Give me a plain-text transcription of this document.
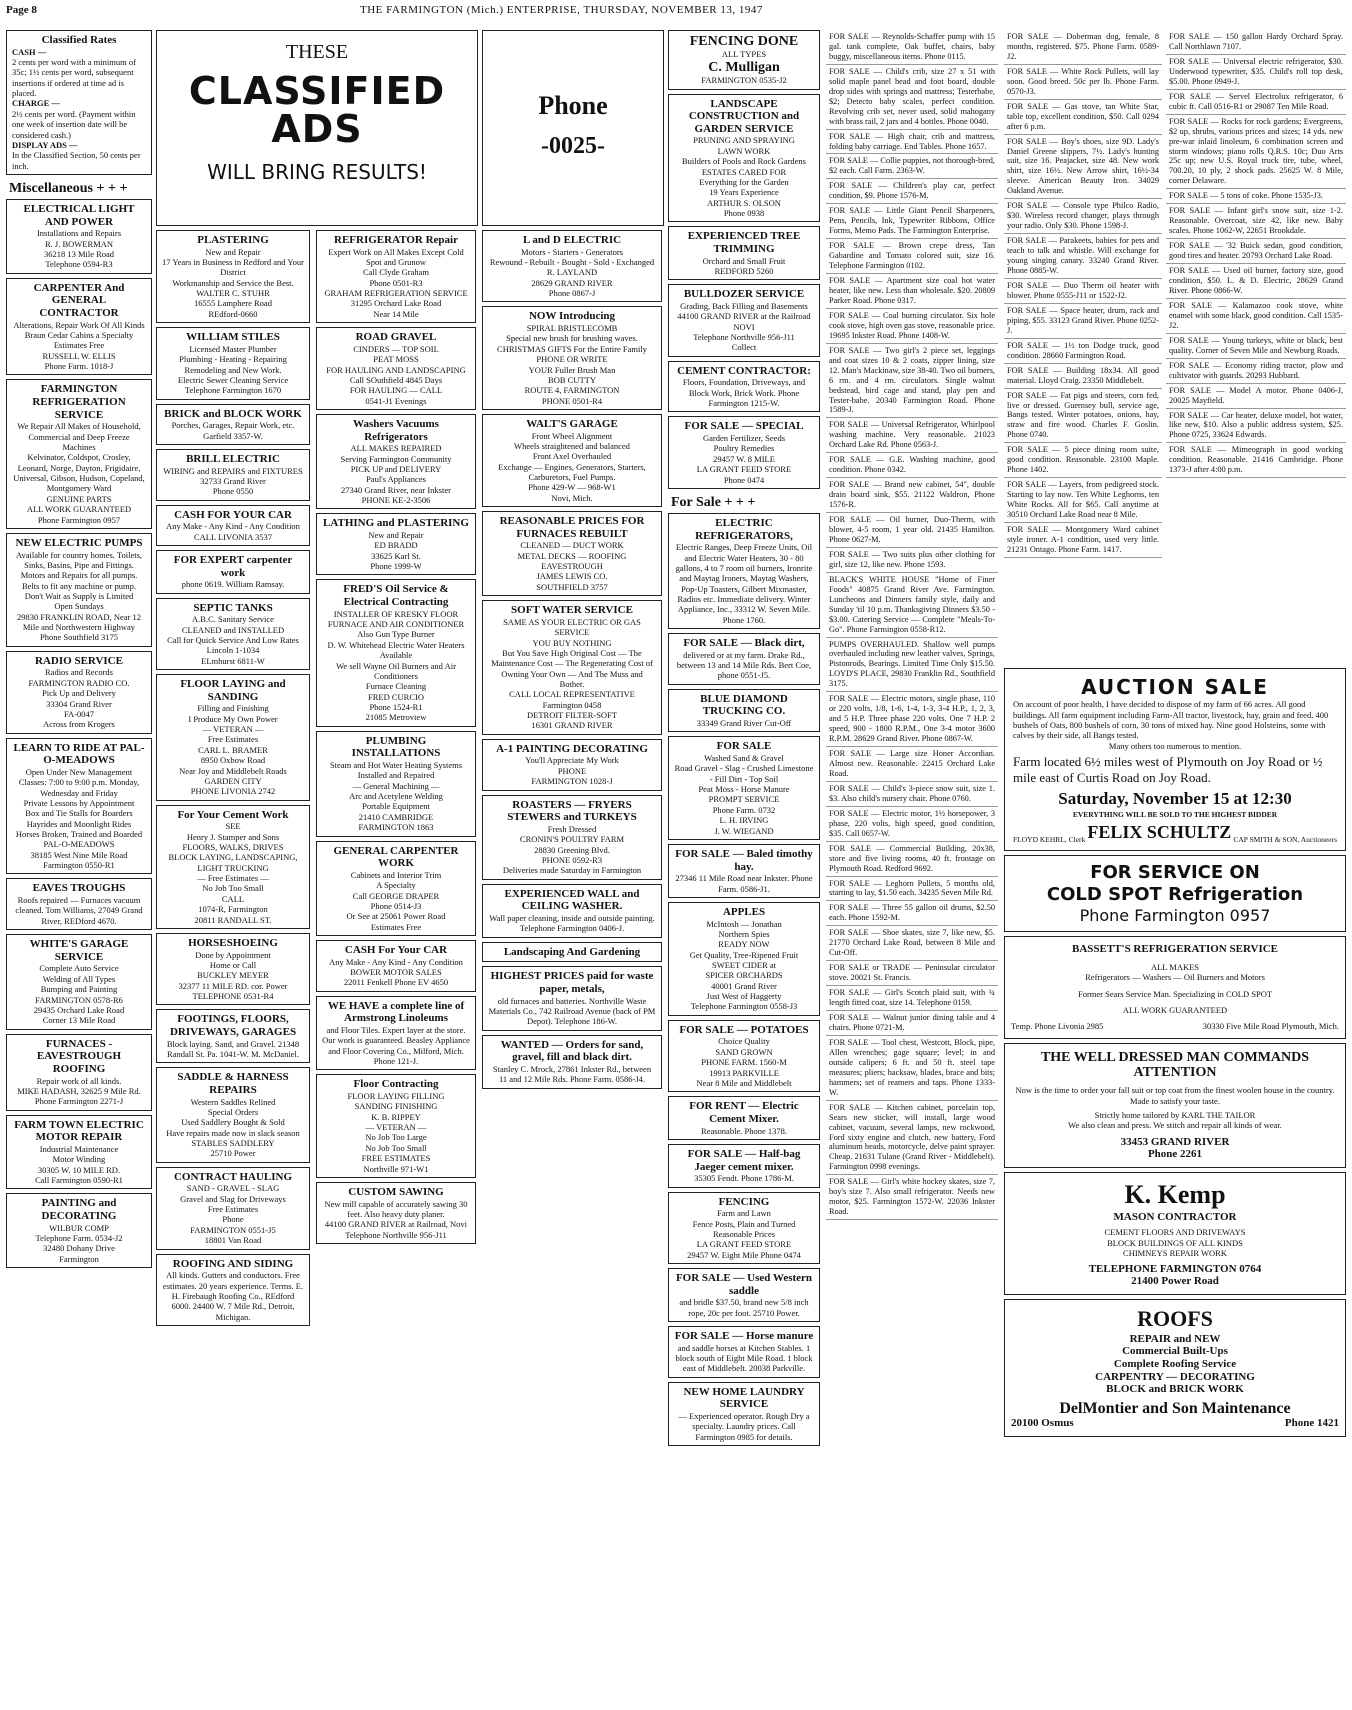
Page 8	THE FARMINGTON (Mich.) ENTERPRISE, THURSDAY, NOVEMBER 13, 1947
Classified Rates
CASH —
2 cents per word with a minimum of 35c; 1½ cents per word, subsequent insertions if ordered at time ad is placed.
CHARGE —
2½ cents per word. (Payment within one week of insertion date will be considered cash.)
DISPLAY ADS —
In the Classified Section, 50 cents per inch.
Miscellaneous + + +
ELECTRICAL LIGHT AND POWER
Installations and Repairs
R. J. BOWERMAN
36218 13 Mile Road
Telephone 0594-R3
CARPENTER And GENERAL CONTRACTOR
Alterations, Repair Work Of All Kinds
Braun Cedar Cabins a Specialty
Estimates Free
RUSSELL W. ELLIS
Phone Farm. 1018-J
FARMINGTON REFRIGERATION SERVICE
We Repair All Makes of Household, Commercial and Deep Freeze Machines
Kelvinator, Coldspot, Crosley, Leonard, Norge, Dayton, Frigidaire, Universal, Gibson, Hudson, Copeland, Montgomery Ward
GENUINE PARTS
ALL WORK GUARANTEED
Phone Farmington 0957
NEW ELECTRIC PUMPS
Available for country homes. Toilets, Sinks, Basins, Pipe and Fittings. Motors and Repairs for all pumps. Belts to fit any machine or pump.
Don't Wait as Supply is Limited
Open Sundays
29830 FRANKLIN ROAD, Near 12 Mile and Northwestern Highway
Phone Southfield 3175
RADIO SERVICE
Radios and Records
FARMINGTON RADIO CO.
Pick Up and Delivery
33304 Grand River
FA-0047
Across from Krogers
LEARN TO RIDE AT PAL-O-MEADOWS
Open Under New Management
Classes: 7:00 to 9:00 p.m. Monday, Wednesday and Friday
Private Lessons by Appointment
Box and Tie Stalls for Boarders
Hayrides and Moonlight Rides
Horses Broken, Trained and Boarded
PAL-O-MEADOWS
38185 West Nine Mile Road
Farmington 0550-R1
EAVES TROUGHS
Roofs repaired — Furnaces vacuum cleaned. Tom Williams, 27049 Grand River, REDford 4670.
WHITE'S GARAGE SERVICE
Complete Auto Service
Welding of All Types
Bumping and Painting
FARMINGTON 0578-R6
29435 Orchard Lake Road
Corner 13 Mile Road
FURNACES - EAVESTROUGH ROOFING
Repair work of all kinds.
MIKE HADASH, 32625 9 Mile Rd.
Phone Farmington 2271-J
FARM TOWN ELECTRIC MOTOR REPAIR
Industrial Maintenance
Motor Winding
30305 W. 10 MILE RD.
Call Farmington 0590-R1
PAINTING and DECORATING
WILBUR COMP
Telephone Farm. 0534-J2
32480 Dohany Drive
Farmington
THESE
CLASSIFIED
ADS
WILL BRING RESULTS!
Phone
-0025-
PLASTERING
New and Repair
17 Years in Business in Redford and Your District
Workmanship and Service the Best.
WALTER C. STUHR
16555 Lamphere Road
REdford-0660
WILLIAM STILES
Licensed Master Plumber
Plumbing - Heating - Repairing
Remodeling and New Work.
Electric Sewer Cleaning Service
Telephone Farmington 1670
BRICK and BLOCK WORK
Porches, Garages, Repair Work, etc. Garfield 3357-W.
BRILL ELECTRIC
WIRING and REPAIRS and FIXTURES
32733 Grand River
Phone 0550
CASH FOR YOUR CAR
Any Make - Any Kind - Any Condition
CALL LIVONIA 3537
FOR EXPERT carpenter work
phone 0619. William Ramsay.
SEPTIC TANKS
A.B.C. Sanitary Service
CLEANED and INSTALLED
Call for Quick Service And Low Rates
Lincoln 1-1034
ELmhurst 6811-W
FLOOR LAYING and SANDING
Filling and Finishing
I Produce My Own Power
— VETERAN —
Free Estimates
CARL L. BRAMER
8950 Oxbow Road
Near Joy and Middlebelt Roads
GARDEN CITY
PHONE LIVONIA 2742
For Your Cement Work
SEE
Henry J. Stamper and Sons
FLOORS, WALKS, DRIVES
BLOCK LAYING, LANDSCAPING, LIGHT TRUCKING
— Free Estimates —
No Job Too Small
CALL
1074-R, Farmington
20811 RANDALL ST.
HORSESHOEING
Done by Appointment
Home or Call
BUCKLEY MEYER
32377 11 MILE RD. cor. Power
TELEPHONE 0531-R4
FOOTINGS, FLOORS, DRIVEWAYS, GARAGES
Block laying. Sand, and Gravel. 21348 Randall St. Pa. 1041-W. M. McDaniel.
SADDLE & HARNESS REPAIRS
Western Saddles Relined
Special Orders
Used Saddlery Bought & Sold
Have repairs made now in slack season
STABLES SADDLERY
25710 Power
CONTRACT HAULING
SAND - GRAVEL - SLAG
Gravel and Slag for Driveways
Free Estimates
Phone
FARMINGTON 0551-J5
18801 Van Road
ROOFING AND SIDING
All kinds. Gutters and conductors. Free estimates. 20 years experience. Terms. E. H. Firebaugh Roofing Co., REdford 6000. 24400 W. 7 Mile Rd., Detroit, Michigan.
REFRIGERATOR Repair
Expert Work on All Makes Except Cold Spot and Grunow
Call Clyde Graham
Phone 0501-R3
GRAHAM REFRIGERATION SERVICE
31295 Orchard Lake Road
Near 14 Mile
ROAD GRAVEL
CINDERS — TOP SOIL
PEAT MOSS
FOR HAULING AND LANDSCAPING
Call SOuthfield 4845 Days
FOR HAULING — CALL
0541-J1 Evenings
Washers Vacuums Refrigerators
ALL MAKES REPAIRED
Serving Farmington Community
PICK UP and DELIVERY
Paul's Appliances
27340 Grand River, near Inkster
PHONE KE-2-3506
LATHING and PLASTERING
New and Repair
ED BRADD
33625 Karl St.
Phone 1999-W
FRED'S Oil Service & Electrical Contracting
INSTALLER OF KRESKY FLOOR FURNACE AND AIR CONDITIONER
Also Gun Type Burner
D. W. Whitehead Electric Water Heaters Available
We sell Wayne Oil Burners and Air Conditioners
Furnace Cleaning
FRED CURCIO
Phone 1524-R1
21085 Metroview
PLUMBING INSTALLATIONS
Steam and Hot Water Heating Systems Installed and Repaired
— General Machining —
Arc and Acetylene Welding
Portable Equipment
21410 CAMBRIDGE
FARMINGTON 1863
GENERAL CARPENTER WORK
Cabinets and Interior Trim
A Specialty
Call GEORGE DRAPER
Phone 0514-J3
Or See at 25061 Power Road
Estimates Free
CASH For Your CAR
Any Make - Any Kind - Any Condition
BOWER MOTOR SALES
22011 Fenkell Phone EV 4650
WE HAVE a complete line of Armstrong Linoleums
and Floor Tiles. Expert layer at the store. Our work is guaranteed. Beasley Appliance and Floor Covering Co., Milford, Mich. Phone 121-J.
Floor Contracting
FLOOR LAYING FILLING
SANDING FINISHING
K. B. RIPPEY
— VETERAN —
No Job Too Large
No Job Too Small
FREE ESTIMATES
Northville 971-W1
CUSTOM SAWING
New mill capable of accurately sawing 30 feet. Also heavy duty planer.
44100 GRAND RIVER at Railroad, Novi
Telephone Northville 956-J11
L and D ELECTRIC
Motors - Starters - Generators
Rewound - Rebuilt - Bought - Sold - Exchanged
R. LAYLAND
28629 GRAND RIVER
Phone 0867-J
NOW Introducing
SPIRAL BRISTLECOMB
Special new brush for brushing waves.
CHRISTMAS GIFTS For the Entire Family
PHONE OR WRITE
YOUR Fuller Brush Man
BOB CUTTY
ROUTE 4, FARMINGTON
PHONE 0501-R4
WALT'S GARAGE
Front Wheel Alignment
Wheels straightened and balanced
Front Axel Overhauled
Exchange — Engines, Generators, Starters, Carburetors, Fuel Pumps.
Phone 429-W — 968-W1
Novi, Mich.
REASONABLE PRICES FOR FURNACES REBUILT
CLEANED — DUCT WORK
METAL DECKS — ROOFING
EAVESTROUGH
JAMES LEWIS CO.
SOUTHFIELD 3757
SOFT WATER SERVICE
SAME AS YOUR ELECTRIC OR GAS SERVICE
YOU BUY NOTHING
But You Save High Original Cost — The Maintenance Cost — The Regenerating Cost of Owning Your Own — And The Muss and Bother.
CALL LOCAL REPRESENTATIVE
Farmington 0458
DETROIT FILTER-SOFT
16301 GRAND RIVER
A-1 PAINTING DECORATING
You'll Appreciate My Work
PHONE
FARMINGTON 1028-J
ROASTERS — FRYERS STEWERS and TURKEYS
Fresh Dressed
CRONIN'S POULTRY FARM
28830 Greening Blvd.
PHONE 0592-R3
Deliveries made Saturday in Farmington
EXPERIENCED WALL and CEILING WASHER.
Wall paper cleaning, inside and outside painting. Telephone Farmington 0406-J.
Landscaping And Gardening
HIGHEST PRICES paid for waste paper, metals,
old furnaces and batteries. Northville Waste Materials Co., 742 Railroad Avenue (back of PM Depot). Telephone 186-W.
WANTED — Orders for sand, gravel, fill and black dirt.
Stanley C. Mrock, 27861 Inkster Rd., between 11 and 12 Mile Rds. Phone Farm. 0586-J4.
FENCING DONE
ALL TYPES
C. Mulligan
FARMINGTON 0535-J2
LANDSCAPE CONSTRUCTION and GARDEN SERVICE
PRUNING AND SPRAYING
LAWN WORK
Builders of Pools and Rock Gardens
ESTATES CARED FOR
Everything for the Garden
19 Years Experience
ARTHUR S. OLSON
Phone 0938
EXPERIENCED TREE TRIMMING
Orchard and Small Fruit
REDFORD 5260
BULLDOZER SERVICE
Grading, Back Filling and Basements
44100 GRAND RIVER at the Railroad
NOVI
Telephone Northville 956-J11
Collect
CEMENT CONTRACTOR:
Floors, Foundation, Driveways, and Block Work, Brick Work. Phone Farmington 1215-W.
FOR SALE — SPECIAL
Garden Fertilizer, Seeds
Poultry Remedies
29457 W. 8 MILE
LA GRANT FEED STORE
Phone 0474
For Sale + + +
ELECTRIC REFRIGERATORS,
Electric Ranges, Deep Freeze Units, Oil and Electric Water Heaters, 30 - 80 gallons, 4 to 7 room oil burners, Ironrite and Maytag Ironers, Maytag Washers, Pop-Up Toasters, Gilbert Mixmaster, Radios etc. Immediate delivery. Winter Appliance, Inc., 33312 W. Seven Mile. Phone 1760.
FOR SALE — Black dirt,
delivered or at my farm. Drake Rd., between 13 and 14 Mile Rds. Bert Coe, phone 0551-J5.
BLUE DIAMOND TRUCKING CO.
33349 Grand River Cut-Off
FOR SALE
Washed Sand & Gravel
Road Gravel - Slag - Crushed Limestone - Fill Dirt - Top Soil
Peat Moss - Horse Manure
PROMPT SERVICE
Phone Farm. 0732
L. H. IRVING
J. W. WIEGAND
FOR SALE — Baled timothy hay.
27346 11 Mile Road near Inkster. Phone Farm. 0586-J1.
APPLES
McIntosh — Jonathan
Northern Spies
READY NOW
Get Quality, Tree-Ripened Fruit
SWEET CIDER at
SPICER ORCHARDS
40001 Grand River
Just West of Haggerty
Telephone Farmington 0558-J3
FOR SALE — POTATOES
Choice Quality
SAND GROWN
PHONE FARM. 1560-M
19913 PARKVILLE
Near 8 Mile and Middlebelt
FOR RENT — Electric Cement Mixer.
Reasonable. Phone 1378.
FOR SALE — Half-bag Jaeger cement mixer.
35305 Fendt. Phone 1786-M.
FENCING
Farm and Lawn
Fence Posts, Plain and Turned
Reasonable Prices
LA GRANT FEED STORE
29457 W. Eight Mile Phone 0474
FOR SALE — Used Western saddle
and bridle $37.50, brand new 5/8 inch rope, 20c per foot. 25710 Power.
FOR SALE — Horse manure
and saddle horses at Kitchen Stables. 1 block south of Eight Mile Road. 1 block east of Middlebelt. 20038 Parkville.
NEW HOME LAUNDRY SERVICE
— Experienced operator. Rough Dry a specialty. Laundry prices. Call Farmington 0985 for details.

FOR SALE — Reynolds-Schaffer pump with 15 gal. tank complete, Oak buffet, chairs, baby buggy, miscellaneous items. Phone 0115.

FOR SALE — Child's crib, size 27 x 51 with solid maple panel head and foot board, double drop sides with springs and mattress; Testerbabe, $2; Detecto baby scales, perfect condition. Revolving crib set, never used, solid mahogany with brass rail, 2 jars and 4 bottles. Phone 0040.

FOR SALE — High chair, crib and mattress, folding baby carriage. End Tables. Phone 1657.

FOR SALE — Collie puppies, not thorough-bred, $2 each. Call Farm. 2363-W.

FOR SALE — Children's play car, perfect condition, $9. Phone 1576-M.

FOR SALE — Little Giant Pencil Sharpeners, Pens, Pencils, Ink, Typewriter Ribbons, Office Forms, Memo Pads. The Farmington Enterprise.

FOR SALE — Brown crepe dress, Tan Gabardine and Tomato colored suit, size 16. Telephone Farmington 0102.

FOR SALE — Apartment size coal hot water heater, like new. Less than wholesale. $20. 20809 Parker Road. Phone 0317.

FOR SALE — Coal burning circulator. Six hole cook stove, high oven gas stove, reasonable price. 19695 Inkster Road. Phone 1408-W.

FOR SALE — Two girl's 2 piece set, leggings and coat sizes 10 & 2 coats, zipper lining, size 12. Man's Mackinaw, size 38-40. Two oil burners, 6 rm. and 4 rm. circulators. Single walnut bedstead, bird cage and stand, play pen and Tester-babe. 20340 Farmington Road. Phone 1589-J.

FOR SALE — Universal Refrigerator, Whirlpool washing machine. Very reasonable. 21023 Orchard Lake Rd. Phone 0563-J.

FOR SALE — G.E. Washing machine, good condition. Phone 0342.

FOR SALE — Brand new cabinet, 54", double drain board sink, $55. 21122 Waldron, Phone 1576-R.

FOR SALE — Oil burner, Duo-Therm, with blower, 4-5 room, 1 year old. 21435 Hamilton. Phone 0627-M.

FOR SALE — Two suits plus other clothing for girl, size 12, like new. Phone 1593.

BLACK'S WHITE HOUSE "Home of Finer Foods" 40875 Grand River Ave. Farmington. Luncheons and Dinners family style, daily and Sunday 'til 10 p.m. Thanksgiving Dinners $3.50 - $3.00. Catering Service — Complete "Meals-To-Go". Phone Farmington 0558-R12.

PUMPS OVERHAULED. Shallow well pumps overhauled including new leather valves, Springs, Pistonrods, Bearings. Limited Time Only $15.50. LOYD'S PLACE, 29830 Franklin Rd., Southfield 3175.

FOR SALE — Electric motors, single phase, 110 or 220 volts, 1/8, 1-6, 1-4, 1-3, 3-4 H.P., 1, 2, 3, and 5 H.P. Three phase 220 volts. One 7 H.P. 2 speed, 900 - 1800 R.P.M., One 3-4 motor 3600 R.P.M. 28629 Grand River. Phone 0867-W.

FOR SALE — Large size Honer Accordian. Almost new. Reasonable. 22415 Orchard Lake Road.

FOR SALE — Child's 3-piece snow suit, size 1. $3. Also child's nursery chair. Phone 0760.

FOR SALE — Electric motor, 1½ horsepower, 3 phase, 220 volts, high speed, good condition, $35. Call 0657-W.

FOR SALE — Commercial Building, 20x38, store and five living rooms, 40 ft. frontage on Plymouth Road. Redford 9692.

FOR SALE — Leghorn Pullets, 5 months old, starting to lay, $1.50 each. 34235 Seven Mile Rd.

FOR SALE — Three 55 gallon oil drums, $2.50 each. Phone 1592-M.

FOR SALE — Shoe skates, size 7, like new, $5. 21770 Orchard Lake Road, between 8 Mile and Cut-Off.

FOR SALE or TRADE — Peninsular circulator stove. 20021 St. Francis.

FOR SALE — Girl's Scotch plaid suit, with ¾ length fitted coat, size 14. Telephone 0159.

FOR SALE — Walnut junior dining table and 4 chairs. Phone 0721-M.

FOR SALE — Tool chest, Westcott, Block, pipe, Allen wrenches; gage square; level; in and outside calipers; 6 ft. and 50 ft. steel tape measures; pliers; hacksaw, blades, brace and bits; hammers; set of reamers and taps. Phone 1333-W.

FOR SALE — Kitchen cabinet, porcelain top, Sears new sticker, will install, large wood cabinet, vacuum, several lamps, new rockwood, Ford sixty engine and clutch, new battery, Ford aluminum heads, motorcycle, delve paint sprayer. Cheap. 21631 Tulane (Grand River - Middlebelt). Farmington 0998 evenings.

FOR SALE — Girl's white hockey skates, size 7, boy's size 7. Also small refrigerator. Needs new motor, $25. Farmington 1572-W. 22036 Inkster Road.

FOR SALE — Doberman dog, female, 8 months, registered. $75. Phone Farm. 0589-J2.

FOR SALE — White Rock Pullets, will lay soon. Good breed. 50c per lb. Phone Farm. 0570-J3.

FOR SALE — Gas stove, tan White Star, table top, excellent condition, $50. Call 0294 after 6 p.m.

FOR SALE — Boy's shoes, size 9D. Lady's Daniel Greene slippers, 7½. Lady's hunting suit, size 16. Peajacket, size 48. New work shirt, size 16½. New Arrow shirt, 16½-34 sleeve. American Beauty Iron. 34029 Oakland Avenue.

FOR SALE — Console type Philco Radio, $30. Wireless record changer, plays through your radio. Only $30. Phone 1598-J.

FOR SALE — Parakeets, babies for pets and teach to talk and whistle. Will exchange for young singing canary. 33240 Grand River. Phone 0885-W.

FOR SALE — Duo Therm oil heater with blower. Phone 0555-J11 or 1522-J2.

FOR SALE — Space heater, drum, rack and piping, $55. 33123 Grand River. Phone 0252-J.

FOR SALE — 1½ ton Dodge truck, good condition. 28660 Farmington Road.

FOR SALE — Building 18x34. All good material. Lloyd Craig. 23350 Middlebelt.

FOR SALE — Fat pigs and steers, corn fed, live or dressed. Guernsey bull, service age, Bangs tested. Winter potatoes, onions, hay, straw and fire wood. Charles F. Goslin. Phone 0740.

FOR SALE — 5 piece dining room suite, good condition. Reasonable. 23100 Maple. Phone 1402.

FOR SALE — Layers, from pedigreed stock. Starting to lay now. Ten White Leghorns, ten White Rocks. All for $65. Call anytime at 30510 Orchard Lake Road near 8 Mile.

FOR SALE — Montgomery Ward cabinet style ironer. A-1 condition, used very little. 21231 Ontago. Phone Farm. 1417.

FOR SALE — 150 gallon Hardy Orchard Spray. Call Northlawn 7107.

FOR SALE — Universal electric refrigerator, $30. Underwood typewriter, $35. Child's roll top desk, $5.00. Phone 0949-J.

FOR SALE — Servel Electrolux refrigerator, 6 cubic ft. Call 0516-R1 or 29087 Ten Mile Road.

FOR SALE — Rocks for rock gardens; Evergreens, $2 up, shrubs, various prices and sizes; 14 yds. new pre-war inlaid linoleum, 6 combination screen and storm windows; piano rolls Q.R.S. 10c; Duo Arts 25c up; new U.S. Royal truck tire, tube, wheel, 700.20, 10 ply, 2 shock pads. 25625 W. 8 Mile, corner Delaware.

FOR SALE — 5 tons of coke. Phone 1535-J3.

FOR SALE — Infant girl's snow suit, size 1-2. Reasonable. Overcoat, size 42, like new. Baby scales. Phone 1062-W, 22651 Brookdale.

FOR SALE — '32 Buick sedan, good condition, good tires and heater. 20793 Orchard Lake Road.

FOR SALE — Used oil burner, factory size, good condition, $50. L. & D. Electric, 28629 Grand River. Phone 0866-W.

FOR SALE — Kalamazoo cook stove, white enamel with some black, good condition. Call 1535-J2.

FOR SALE — Young turkeys, white or black, best quality. Corner of Seven Mile and Newburg Roads.

FOR SALE — Economy riding tractor, plow and cultivator with guards. 20293 Hubbard.

FOR SALE — Model A motor. Phone 0406-J, 20025 Mayfield.

FOR SALE — Car heater, deluxe model, hot water, like new, $10. Also a public address system, $25. Phone 0725, 33624 Edwards.

FOR SALE — Mimeograph in good working condition. Reasonable. 21416 Cambridge. Phone 1373-J after 4:00 p.m.

AUCTION SALE
On account of poor health, I have decided to dispose of my farm of 66 acres. All good buildings. All farm equipment including Farm-All tractor, livestock, hay, grain and feed. 400 bushels of Oats, 800 bushels of corn, 30 tons of mixed hay. Nine good Holsteins, some with calves by their side, all Bangs tested.
Many others too numerous to mention.
Farm located 6½ miles west of Plymouth on Joy Road or ½ mile east of Curtis Road on Joy Road.
Saturday, November 15 at 12:30
EVERYTHING WILL BE SOLD TO THE HIGHEST BIDDER
FLOYD KEHRL, Clerk FELIX SCHULTZ CAP SMITH & SON, Auctioneers
FOR SERVICE ON
COLD SPOT Refrigeration
Phone Farmington 0957
BASSETT'S REFRIGERATION SERVICE
ALL MAKES
Refrigerators — Washers — Oil Burners and Motors
Former Sears Service Man. Specializing in COLD SPOT
ALL WORK GUARANTEED
Temp. Phone Livonia 2985	30330 Five Mile Road Plymouth, Mich.
THE WELL DRESSED MAN COMMANDS ATTENTION
Now is the time to order your fall suit or top coat from the finest woolen house in the country. Made to satisfy your taste.
Strictly home tailored by KARL THE TAILOR
We also clean and press. We stitch and repair all kinds of wear.
33453 GRAND RIVER
Phone 2261
K. Kemp
MASON CONTRACTOR
CEMENT FLOORS AND DRIVEWAYS
BLOCK BUILDINGS OF ALL KINDS
CHIMNEYS REPAIR WORK
TELEPHONE FARMINGTON 0764
21400 Power Road
ROOFS
REPAIR and NEW
Commercial Built-Ups
Complete Roofing Service
CARPENTRY — DECORATING
BLOCK and BRICK WORK
DelMontier and Son Maintenance
20100 Osmus	Phone 1421
